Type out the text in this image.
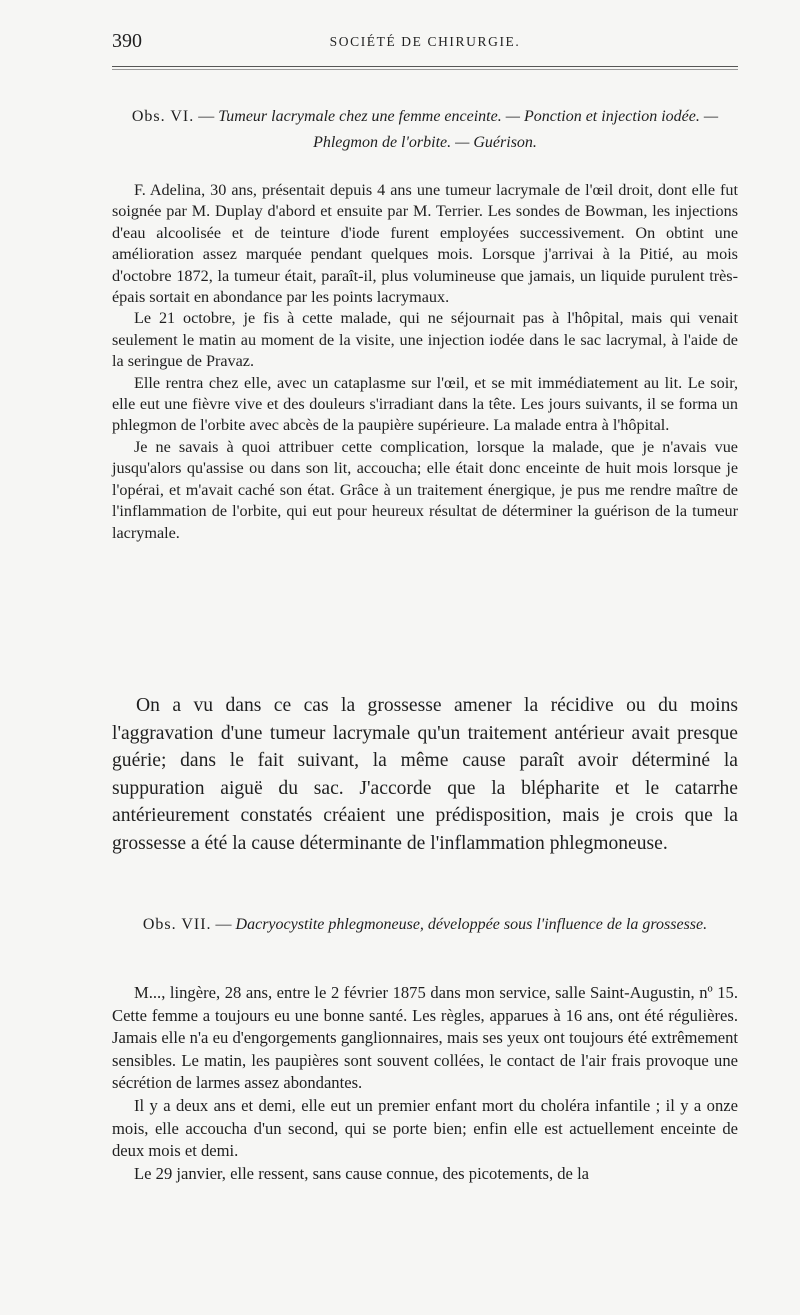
390	SOCIÉTÉ DE CHIRURGIE.
Obs. VI. — Tumeur lacrymale chez une femme enceinte. — Ponction et injection iodée. — Phlegmon de l'orbite. — Guérison.

F. Adelina, 30 ans, présentait depuis 4 ans une tumeur lacrymale de l'œil droit, dont elle fut soignée par M. Duplay d'abord et ensuite par M. Terrier. Les sondes de Bowman, les injections d'eau alcoolisée et de teinture d'iode furent employées successivement. On obtint une amélioration assez marquée pendant quelques mois. Lorsque j'arrivai à la Pitié, au mois d'octobre 1872, la tumeur était, paraît-il, plus volumineuse que jamais, un liquide purulent très-épais sortait en abondance par les points lacrymaux.

Le 21 octobre, je fis à cette malade, qui ne séjournait pas à l'hôpital, mais qui venait seulement le matin au moment de la visite, une injection iodée dans le sac lacrymal, à l'aide de la seringue de Pravaz.

Elle rentra chez elle, avec un cataplasme sur l'œil, et se mit immédiatement au lit. Le soir, elle eut une fièvre vive et des douleurs s'irradiant dans la tête. Les jours suivants, il se forma un phlegmon de l'orbite avec abcès de la paupière supérieure. La malade entra à l'hôpital.

Je ne savais à quoi attribuer cette complication, lorsque la malade, que je n'avais vue jusqu'alors qu'assise ou dans son lit, accoucha; elle était donc enceinte de huit mois lorsque je l'opérai, et m'avait caché son état. Grâce à un traitement énergique, je pus me rendre maître de l'inflammation de l'orbite, qui eut pour heureux résultat de déterminer la guérison de la tumeur lacrymale.

On a vu dans ce cas la grossesse amener la récidive ou du moins l'aggravation d'une tumeur lacrymale qu'un traitement antérieur avait presque guérie; dans le fait suivant, la même cause paraît avoir déterminé la suppuration aiguë du sac. J'accorde que la blépharite et le catarrhe antérieurement constatés créaient une prédisposition, mais je crois que la grossesse a été la cause déterminante de l'inflammation phlegmoneuse.

Obs. VII. — Dacryocystite phlegmoneuse, développée sous l'influence de la grossesse.

M..., lingère, 28 ans, entre le 2 février 1875 dans mon service, salle Saint-Augustin, nº 15. Cette femme a toujours eu une bonne santé. Les règles, apparues à 16 ans, ont été régulières. Jamais elle n'a eu d'engorgements ganglionnaires, mais ses yeux ont toujours été extrêmement sensibles. Le matin, les paupières sont souvent collées, le contact de l'air frais provoque une sécrétion de larmes assez abondantes.

Il y a deux ans et demi, elle eut un premier enfant mort du choléra infantile ; il y a onze mois, elle accoucha d'un second, qui se porte bien; enfin elle est actuellement enceinte de deux mois et demi.

Le 29 janvier, elle ressent, sans cause connue, des picotements, de la
